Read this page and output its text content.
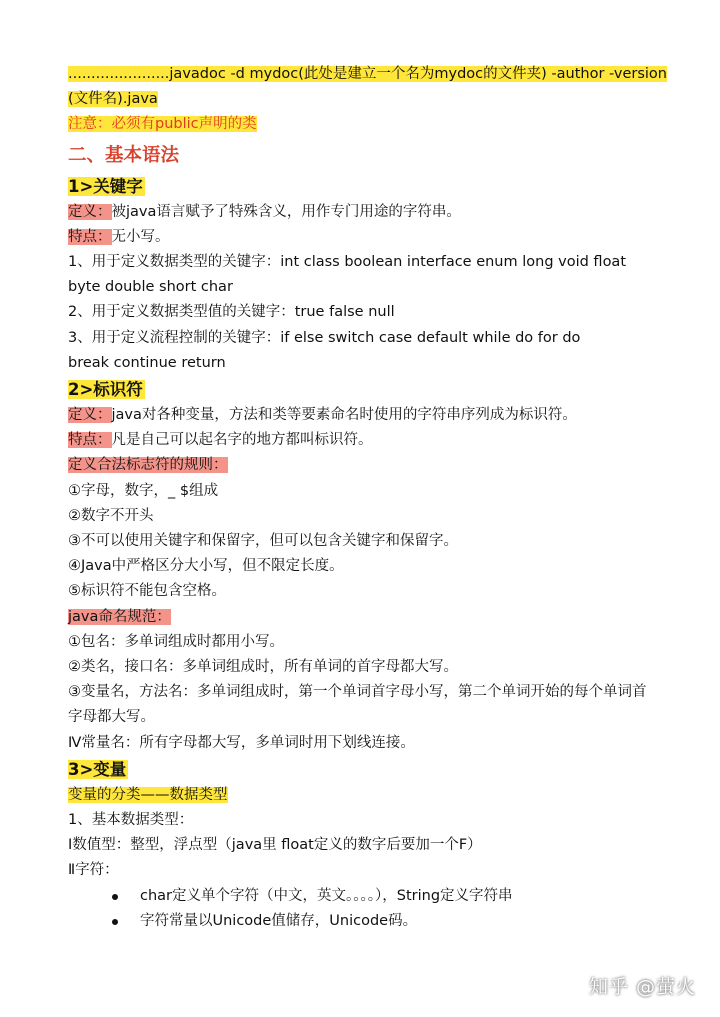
......................javadoc -d mydoc(此处是建立一个名为mydoc的文件夹) -author -version
(文件名).java
注意：必须有public声明的类
二、基本语法
1>关键字
定义：被java语言赋予了特殊含义，用作专门用途的字符串。
特点：无小写。
1、用于定义数据类型的关键字：int class boolean interface enum long void float
byte double short char
2、用于定义数据类型值的关键字：true false null
3、用于定义流程控制的关键字：if else switch case default while do for do
break continue return
2>标识符
定义：java对各种变量，方法和类等要素命名时使用的字符串序列成为标识符。
特点：凡是自己可以起名字的地方都叫标识符。
定义合法标志符的规则：
①字母，数字，_ $组成
②数字不开头
③不可以使用关键字和保留字，但可以包含关键字和保留字。
④Java中严格区分大小写，但不限定长度。
⑤标识符不能包含空格。
java命名规范：
①包名：多单词组成时都用小写。
②类名，接口名：多单词组成时，所有单词的首字母都大写。
③变量名，方法名：多单词组成时，第一个单词首字母小写，第二个单词开始的每个单词首
字母都大写。
Ⅳ常量名：所有字母都大写，多单词时用下划线连接。
3>变量
变量的分类——数据类型
1、基本数据类型：
Ⅰ数值型：整型，浮点型（java里 float定义的数字后要加一个F）
Ⅱ字符：
char定义单个字符（中文，英文。。。。），String定义字符串
字符常量以Unicode值储存，Unicode码。
知乎 @萤火
